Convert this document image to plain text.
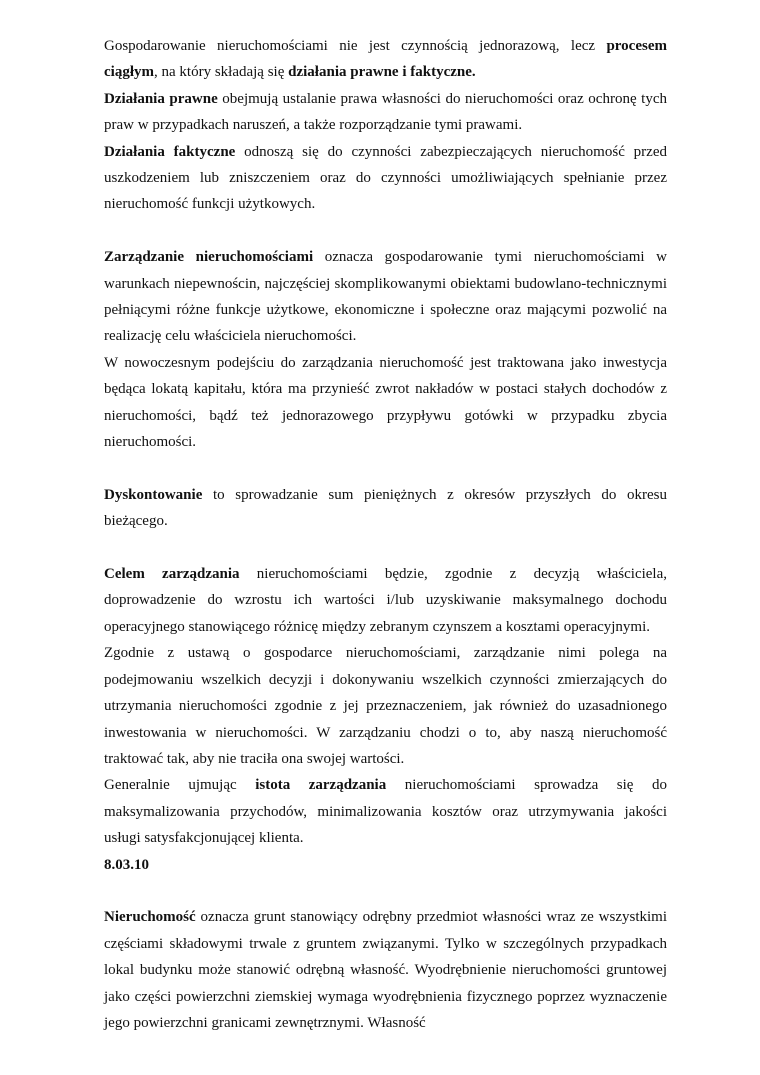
Gospodarowanie nieruchomościami nie jest czynnością jednorazową, lecz procesem ciągłym, na który składają się działania prawne i faktyczne.

Działania prawne obejmują ustalanie prawa własności do nieruchomości oraz ochronę tych praw w przypadkach naruszeń, a także rozporządzanie tymi prawami.

Działania faktyczne odnoszą się do czynności zabezpieczających nieruchomość przed uszkodzeniem lub zniszczeniem oraz do czynności umożliwiających spełnianie przez nieruchomość funkcji użytkowych.

Zarządzanie nieruchomościami oznacza gospodarowanie tymi nieruchomościami w warunkach niepewnościn, najczęściej skomplikowanymi obiektami budowlano-technicznymi pełniącymi różne funkcje użytkowe, ekonomiczne i społeczne oraz mającymi pozwolić na realizację celu właściciela nieruchomości.

W nowoczesnym podejściu do zarządzania nieruchomość jest traktowana jako inwestycja będąca lokatą kapitału, która ma przynieść zwrot nakładów w postaci stałych dochodów z nieruchomości, bądź też jednorazowego przypływu gotówki w przypadku zbycia nieruchomości.

Dyskontowanie to sprowadzanie sum pieniężnych z okresów przyszłych do okresu bieżącego.

Celem zarządzania nieruchomościami będzie, zgodnie z decyzją właściciela, doprowadzenie do wzrostu ich wartości i/lub uzyskiwanie maksymalnego dochodu operacyjnego stanowiącego różnicę między zebranym czynszem a kosztami operacyjnymi.

Zgodnie z ustawą o gospodarce nieruchomościami, zarządzanie nimi polega na podejmowaniu wszelkich decyzji i dokonywaniu wszelkich czynności zmierzających do utrzymania nieruchomości zgodnie z jej przeznaczeniem, jak również do uzasadnionego inwestowania w nieruchomości. W zarządzaniu chodzi o to, aby naszą nieruchomość traktować tak, aby nie traciła ona swojej wartości.

Generalnie ujmując istota zarządzania nieruchomościami sprowadza się do maksymalizowania przychodów, minimalizowania kosztów oraz utrzymywania jakości usługi satysfakcjonującej klienta.

8.03.10

Nieruchomość oznacza grunt stanowiący odrębny przedmiot własności wraz ze wszystkimi częściami składowymi trwale z gruntem związanymi. Tylko w szczególnych przypadkach lokal budynku może stanowić odrębną własność. Wyodrębnienie nieruchomości gruntowej jako części powierzchni ziemskiej wymaga wyodrębnienia fizycznego poprzez wyznaczenie jego powierzchni granicami zewnętrznymi. Własność
